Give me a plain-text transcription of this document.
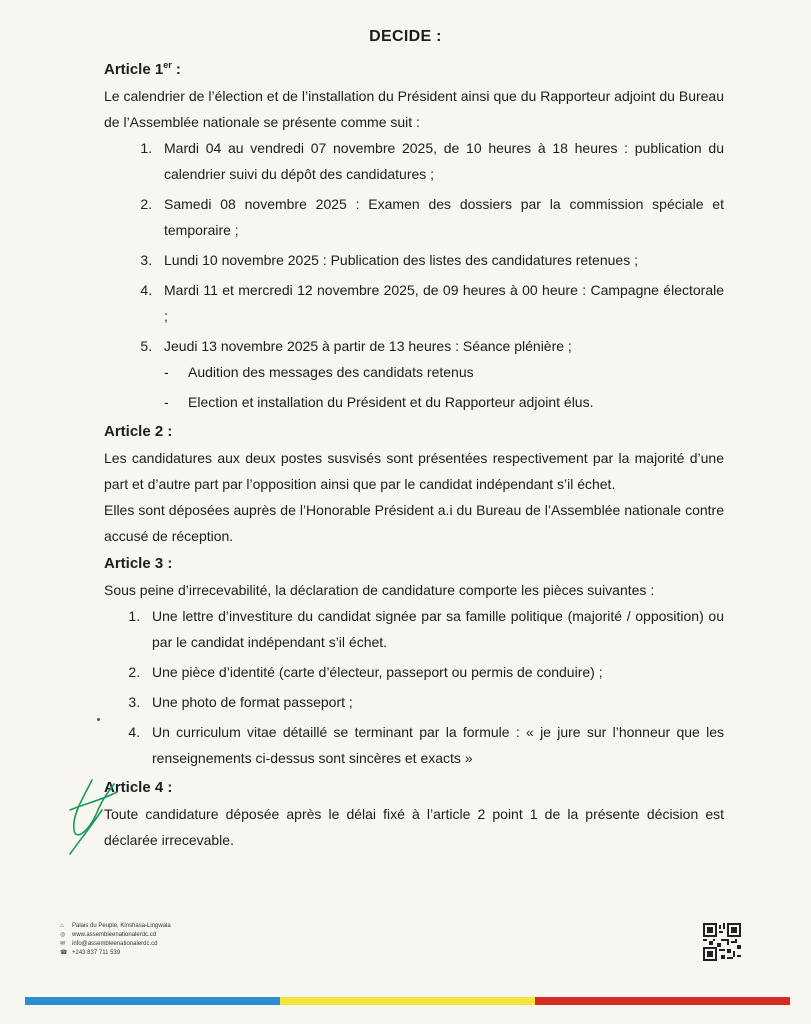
DECIDE :
Article 1er :

Le calendrier de l’élection et de l’installation du Président ainsi que du Rapporteur adjoint du Bureau de l’Assemblée nationale se présente comme suit :

1. Mardi 04 au vendredi 07 novembre 2025, de 10 heures à 18 heures : publication du calendrier suivi du dépôt des candidatures ;
2. Samedi 08 novembre 2025 : Examen des dossiers par la commission spéciale et temporaire ;
3. Lundi 10 novembre 2025 : Publication des listes des candidatures retenues ;
4. Mardi 11 et mercredi 12 novembre 2025, de 09 heures à 00 heure : Campagne électorale ;
5. Jeudi 13 novembre 2025 à partir de 13 heures : Séance plénière ;
- Audition des messages des candidats retenus
- Election et installation du Président et du Rapporteur adjoint élus.
Article 2 :

Les candidatures aux deux postes susvisés sont présentées respectivement par la majorité d’une part et d’autre part par l’opposition ainsi que par le candidat indépendant s’il échet.

Elles sont déposées auprès de l’Honorable Président a.i du Bureau de l’Assemblée nationale contre accusé de réception.

Article 3 :

Sous peine d’irrecevabilité, la déclaration de candidature comporte les pièces suivantes :

1. Une lettre d’investiture du candidat signée par sa famille politique (majorité / opposition) ou par le candidat indépendant s’il échet.
2. Une pièce d’identité (carte d’électeur, passeport ou permis de conduire) ;
3. Une photo de format passeport ;
4. Un curriculum vitae détaillé se terminant par la formule : « je jure sur l’honneur que les renseignements ci-dessus sont sincères et exacts »
Article 4 :

Toute candidature déposée après le délai fixé à l’article 2 point 1 de la présente décision est déclarée irrecevable.

⌂	Palais du Peuple, Kinshasa-Lingwala
◎	www.assembleenationalerdc.cd
✉	info@assembleenationalerdc.cd
☎ +243 837 711 539
